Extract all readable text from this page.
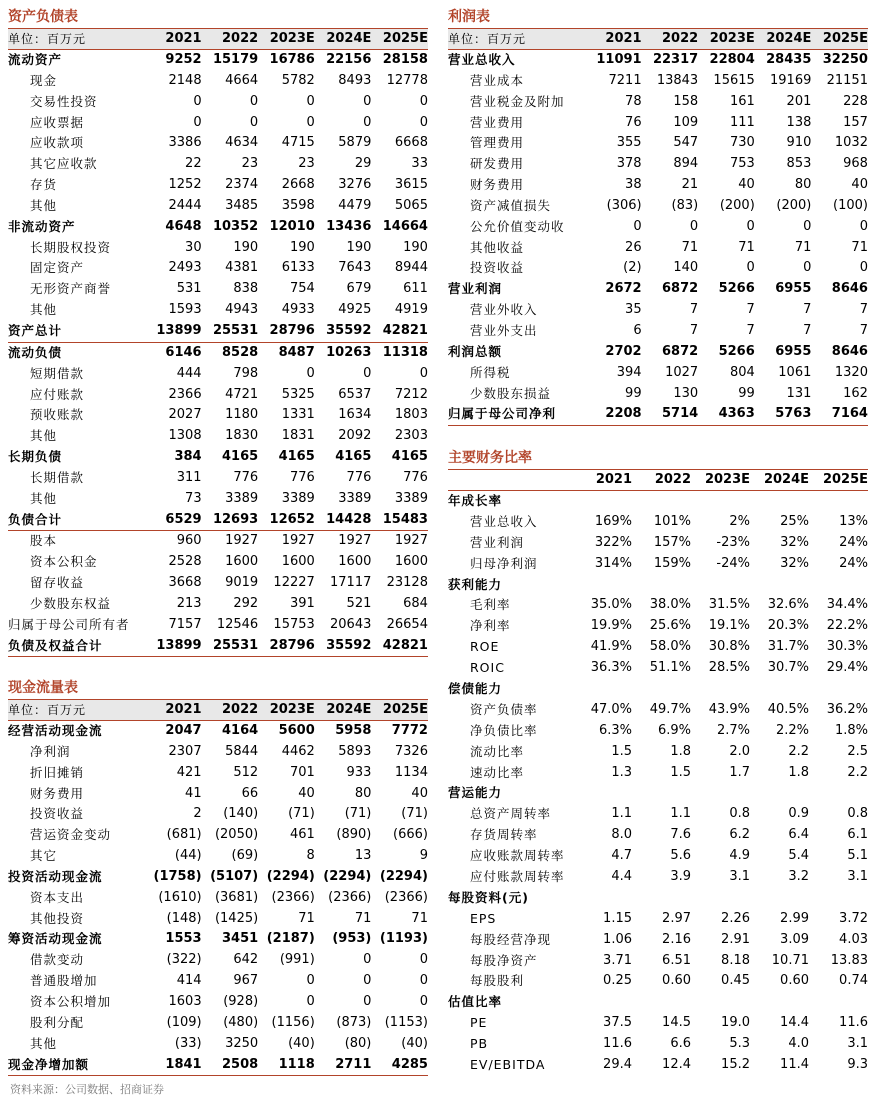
资产负债表
单位：百万元	2021	2022 2023E 2024E 2025E
流动资产	9252 15179 16786 22156 28158
现金	2148	4664	5782	8493	12778
交易性投资	0	0	0	0	0
应收票据	0	0	0	0	0
应收款项	3386	4634	4715	5879	6668
其它应收款	22	23	23	29	33
存货	1252	2374	2668	3276	3615
其他	2444	3485	3598	4479	5065
非流动资产	4648 10352 12010 13436 14664
长期股权投资	30	190	190	190	190
固定资产	2493	4381	6133	7643	8944
无形资产商誉	531	838	754	679	611
其他	1593	4943	4933	4925	4919
资产总计	13899 25531 28796 35592 42821
流动负债	6146	8528	8487 10263 11318
短期借款	444	798	0	0	0
应付账款	2366	4721	5325	6537	7212
预收账款	2027	1180	1331	1634	1803
其他	1308	1830	1831	2092	2303
长期负债	384	4165	4165	4165	4165
长期借款	311	776	776	776	776
其他	73	3389	3389	3389	3389
负债合计	6529 12693 12652 14428 15483
股本	960	1927	1927	1927	1927
资本公积金	2528	1600	1600	1600	1600
留存收益	3668	9019	12227	17117	23128
少数股东权益	213	292	391	521	684
归属于母公司所有者	7157	12546	15753	20643	26654
负债及权益合计	13899 25531 28796 35592 42821
利润表
单位：百万元	2021	2022 2023E 2024E 2025E
营业总收入	11091 22317 22804 28435 32250
营业成本	7211	13843	15615	19169	21151
营业税金及附加	78	158	161	201	228
营业费用	76	109	111	138	157
管理费用	355	547	730	910	1032
研发费用	378	894	753	853	968
财务费用	38	21	40	80	40
资产减值损失	(306)	(83)	(200)	(200)	(100)
公允价值变动收	0	0	0	0	0
其他收益	26	71	71	71	71
投资收益	(2)	140	0	0	0
营业利润	2672	6872	5266	6955	8646
营业外收入	35	7	7	7	7
营业外支出	6	7	7	7	7
利润总额	2702	6872	5266	6955	8646
所得税	394	1027	804	1061	1320
少数股东损益	99	130	99	131	162
归属于母公司净利	2208	5714	4363	5763	7164
主要财务比率
2021	2022	2023E	2024E	2025E
年成长率
营业总收入	169%	101%	2%	25%	13%
营业利润	322%	157%	-23%	32%	24%
归母净利润	314%	159%	-24%	32%	24%
获利能力
毛利率	35.0%	38.0%	31.5%	32.6%	34.4%
净利率	19.9%	25.6%	19.1%	20.3%	22.2%
ROE	41.9%	58.0%	30.8%	31.7%	30.3%
ROIC	36.3%	51.1%	28.5%	30.7%	29.4%
偿债能力
资产负债率	47.0%	49.7%	43.9%	40.5%	36.2%
净负债比率	6.3%	6.9%	2.7%	2.2%	1.8%
流动比率	1.5	1.8	2.0	2.2	2.5
速动比率	1.3	1.5	1.7	1.8	2.2
营运能力
总资产周转率	1.1	1.1	0.8	0.9	0.8
存货周转率	8.0	7.6	6.2	6.4	6.1
应收账款周转率	4.7	5.6	4.9	5.4	5.1
应付账款周转率	4.4	3.9	3.1	3.2	3.1
每股资料(元)
EPS	1.15	2.97	2.26	2.99	3.72
每股经营净现	1.06	2.16	2.91	3.09	4.03
每股净资产	3.71	6.51	8.18	10.71	13.83
每股股利	0.25	0.60	0.45	0.60	0.74
估值比率
PE	37.5	14.5	19.0	14.4	11.6
PB	11.6	6.6	5.3	4.0	3.1
EV/EBITDA	29.4	12.4	15.2	11.4	9.3
现金流量表
单位：百万元	2021	2022 2023E 2024E 2025E
经营活动现金流	2047	4164	5600	5958	7772
净利润	2307	5844	4462	5893	7326
折旧摊销	421	512	701	933	1134
财务费用	41	66	40	80	40
投资收益	2	(140)	(71)	(71)	(71)
营运资金变动	(681)	(2050)	461	(890)	(666)
其它	(44)	(69)	8	13	9
投资活动现金流	(1758) (5107) (2294) (2294) (2294)
资本支出	(1610)	(3681)	(2366)	(2366)	(2366)
其他投资	(148)	(1425)	71	71	71
筹资活动现金流	1553	3451 (2187)	(953) (1193)
借款变动	(322)	642	(991)	0	0
普通股增加	414	967	0	0	0
资本公积增加	1603	(928)	0	0	0
股利分配	(109)	(480)	(1156)	(873)	(1153)
其他	(33)	3250	(40)	(80)	(40)
现金净增加额	1841	2508	1118	2711	4285
资料来源：公司数据、招商证券
